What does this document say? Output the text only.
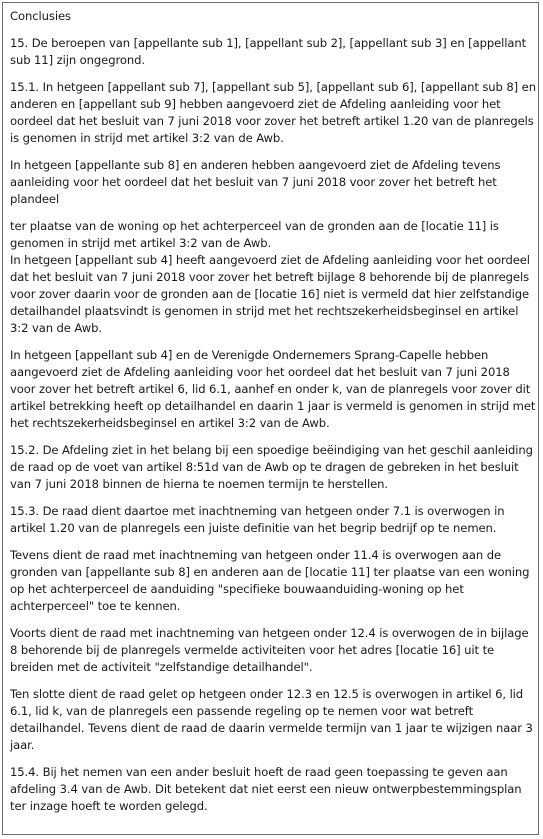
Conclusies

15. De beroepen van [appellante sub 1], [appellant sub 2], [appellant sub 3] en [appellant sub 11] zijn ongegrond.

15.1. In hetgeen [appellant sub 7], [appellant sub 5], [appellant sub 6], [appellant sub 8] en anderen en [appellant sub 9] hebben aangevoerd ziet de Afdeling aanleiding voor het oordeel dat het besluit van 7 juni 2018 voor zover het betreft artikel 1.20 van de planregels is genomen in strijd met artikel 3:2 van de Awb.

In hetgeen [appellante sub 8] en anderen hebben aangevoerd ziet de Afdeling tevens aanleiding voor het oordeel dat het besluit van 7 juni 2018 voor zover het betreft het plandeel

ter plaatse van de woning op het achterperceel van de gronden aan de [locatie 11] is genomen in strijd met artikel 3:2 van de Awb.

In hetgeen [appellant sub 4] heeft aangevoerd ziet de Afdeling aanleiding voor het oordeel dat het besluit van 7 juni 2018 voor zover het betreft bijlage 8 behorende bij de planregels voor zover daarin voor de gronden aan de [locatie 16] niet is vermeld dat hier zelfstandige detailhandel plaatsvindt is genomen in strijd met het rechtszekerheidsbeginsel en artikel 3:2 van de Awb.

In hetgeen [appellant sub 4] en de Verenigde Ondernemers Sprang-Capelle hebben aangevoerd ziet de Afdeling aanleiding voor het oordeel dat het besluit van 7 juni 2018 voor zover het betreft artikel 6, lid 6.1, aanhef en onder k, van de planregels voor zover dit artikel betrekking heeft op detailhandel en daarin 1 jaar is vermeld is genomen in strijd met het rechtszekerheidsbeginsel en artikel 3:2 van de Awb.

15.2. De Afdeling ziet in het belang bij een spoedige beëindiging van het geschil aanleiding de raad op de voet van artikel 8:51d van de Awb op te dragen de gebreken in het besluit van 7 juni 2018 binnen de hierna te noemen termijn te herstellen.

15.3. De raad dient daartoe met inachtneming van hetgeen onder 7.1 is overwogen in artikel 1.20 van de planregels een juiste definitie van het begrip bedrijf op te nemen.

Tevens dient de raad met inachtneming van hetgeen onder 11.4 is overwogen aan de gronden van [appellante sub 8] en anderen aan de [locatie 11] ter plaatse van een woning op het achterperceel de aanduiding "specifieke bouwaanduiding-woning op het achterperceel" toe te kennen.

Voorts dient de raad met inachtneming van hetgeen onder 12.4 is overwogen de in bijlage 8 behorende bij de planregels vermelde activiteiten voor het adres [locatie 16] uit te breiden met de activiteit "zelfstandige detailhandel".

Ten slotte dient de raad gelet op hetgeen onder 12.3 en 12.5 is overwogen in artikel 6, lid 6.1, lid k, van de planregels een passende regeling op te nemen voor wat betreft detailhandel. Tevens dient de raad de daarin vermelde termijn van 1 jaar te wijzigen naar 3 jaar.

15.4. Bij het nemen van een ander besluit hoeft de raad geen toepassing te geven aan afdeling 3.4 van de Awb. Dit betekent dat niet eerst een nieuw ontwerpbestemmingsplan ter inzage hoeft te worden gelegd.
